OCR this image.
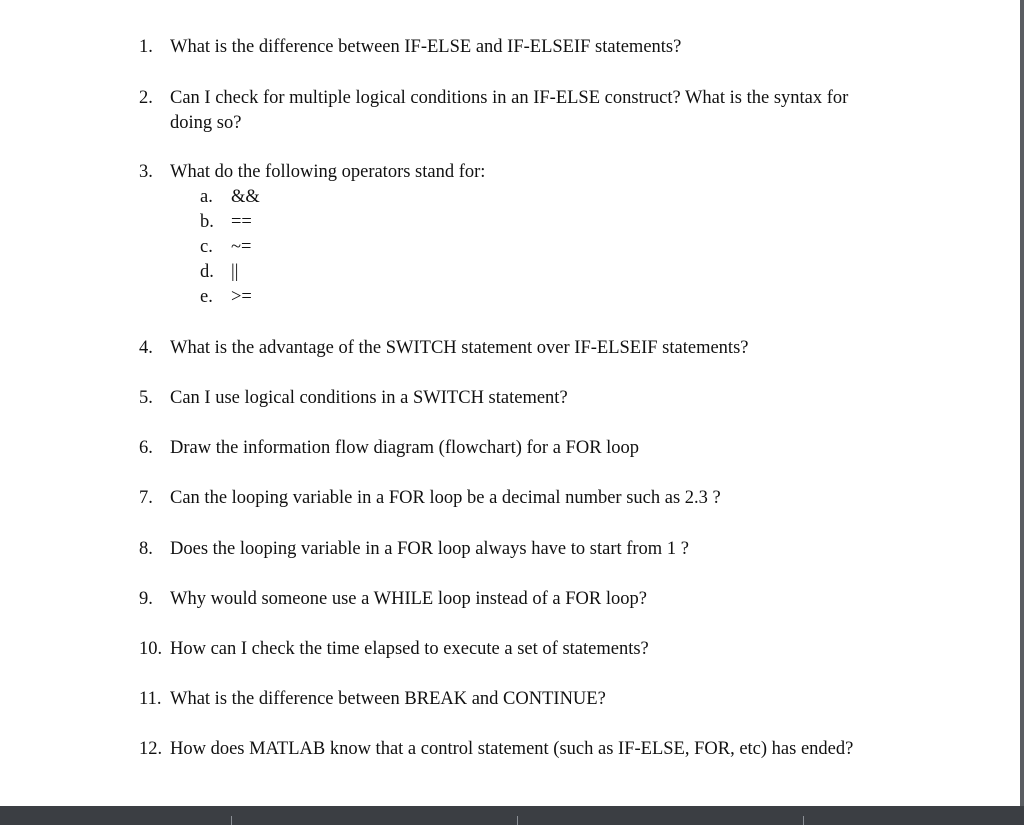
1. What is the difference between IF-ELSE and IF-ELSEIF statements?
2. Can I check for multiple logical conditions in an IF-ELSE construct? What is the syntax for doing so?
3. What do the following operators stand for:
a. &&
b. ==
c. ~=
d. ||
e. >=
4. What is the advantage of the SWITCH statement over IF-ELSEIF statements?
5. Can I use logical conditions in a SWITCH statement?
6. Draw the information flow diagram (flowchart) for a FOR loop
7. Can the looping variable in a FOR loop be a decimal number such as 2.3 ?
8. Does the looping variable in a FOR loop always have to start from 1 ?
9. Why would someone use a WHILE loop instead of a FOR loop?
10. How can I check the time elapsed to execute a set of statements?
11. What is the difference between BREAK and CONTINUE?
12. How does MATLAB know that a control statement (such as IF-ELSE, FOR, etc) has ended?
